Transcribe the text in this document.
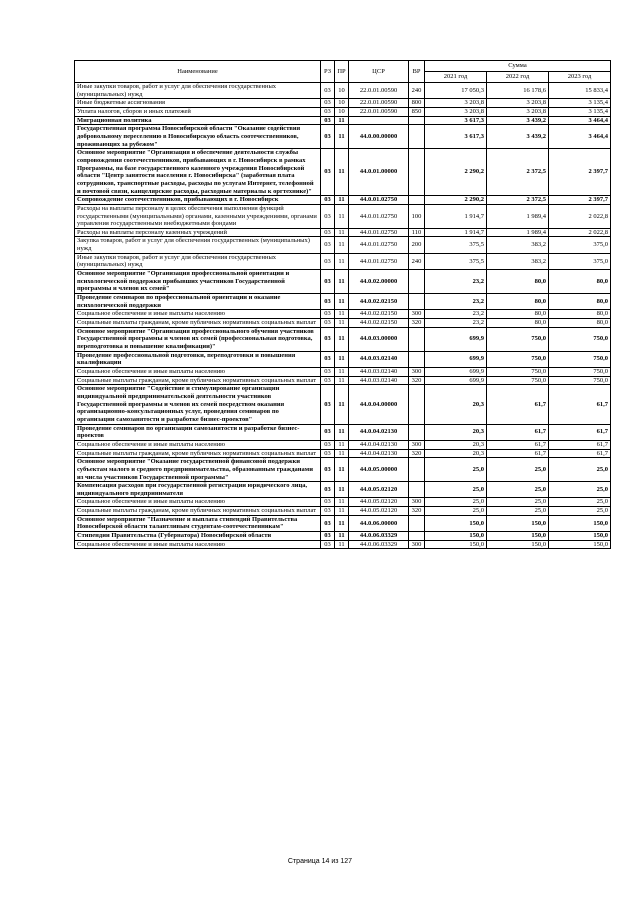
Наименование	РЗ	ПР	ЦСР	ВР	Сумма		
					2021 год	2022 год	2023 год
Иные закупки товаров, работ и услуг для обеспечения государственных (муниципальных) нужд	03	10	22.0.01.00590	240	17 050,3	16 178,6	15 833,4
Иные бюджетные ассигнования	03	10	22.0.01.00590	800	3 203,8	3 203,8	3 135,4
Уплата налогов, сборов и иных платежей	03	10	22.0.01.00590	850	3 203,8	3 203,8	3 135,4
Миграционная политика	03	11			3 617,3	3 439,2	3 464,4
Государственная программа Новосибирской области "Оказание содействия добровольному переселению в Новосибирскую область соотечественников, проживающих за рубежом"	03	11	44.0.00.00000		3 617,3	3 439,2	3 464,4
Основное мероприятие "Организация и обеспечение деятельности службы сопровождения соотечественников, прибывающих в г. Новосибирск в рамках Программы, на базе государственного казенного учреждения Новосибирской области "Центр занятости населения г. Новосибирска" (заработная плата сотрудников, транспортные расходы, расходы по услугам Интернет, телефонной и почтовой связи, канцелярские расходы, расходные материалы к оргтехнике)"	03	11	44.0.01.00000		2 290,2	2 372,5	2 397,7
Сопровождение соотечественников, прибывающих в г. Новосибирск	03	11	44.0.01.02750		2 290,2	2 372,5	2 397,7
Расходы на выплаты персоналу в целях обеспечения выполнения функций государственными (муниципальными) органами, казенными учреждениями, органами управления государственными внебюджетными фондами	03	11	44.0.01.02750	100	1 914,7	1 989,4	2 022,8
Расходы на выплаты персоналу казенных учреждений	03	11	44.0.01.02750	110	1 914,7	1 989,4	2 022,8
Закупка товаров, работ и услуг для обеспечения государственных (муниципальных) нужд	03	11	44.0.01.02750	200	375,5	383,2	375,0
Иные закупки товаров, работ и услуг для обеспечения государственных (муниципальных) нужд	03	11	44.0.01.02750	240	375,5	383,2	375,0
Основное мероприятие "Организация профессиональной ориентации и психологической поддержки прибывших участников Государственной программы и членов их семей"	03	11	44.0.02.00000		23,2	80,0	80,0
Проведение семинаров по профессиональной ориентации и оказание психологической поддержки	03	11	44.0.02.02150		23,2	80,0	80,0
Социальное обеспечение и иные выплаты населению	03	11	44.0.02.02150	300	23,2	80,0	80,0
Социальные выплаты гражданам, кроме публичных нормативных социальных выплат	03	11	44.0.02.02150	320	23,2	80,0	80,0
Основное мероприятие "Организация профессионального обучения участников Государственной программы и членов их семей (профессиональная подготовка, переподготовка и повышение квалификации)"	03	11	44.0.03.00000		699,9	750,0	750,0
Проведение профессиональной подготовки, переподготовки и повышения квалификации	03	11	44.0.03.02140		699,9	750,0	750,0
Социальное обеспечение и иные выплаты населению	03	11	44.0.03.02140	300	699,9	750,0	750,0
Социальные выплаты гражданам, кроме публичных нормативных социальных выплат	03	11	44.0.03.02140	320	699,9	750,0	750,0
Основное мероприятие "Содействие и стимулирование организации индивидуальной предпринимательской деятельности участников Государственной программы и членов их семей посредством оказания организационно-консультационных услуг, проведения семинаров по организации самозанятости и разработке бизнес-проектов"	03	11	44.0.04.00000		20,3	61,7	61,7
Проведение семинаров по организации самозанятости и разработке бизнес-проектов	03	11	44.0.04.02130		20,3	61,7	61,7
Социальное обеспечение и иные выплаты населению	03	11	44.0.04.02130	300	20,3	61,7	61,7
Социальные выплаты гражданам, кроме публичных нормативных социальных выплат	03	11	44.0.04.02130	320	20,3	61,7	61,7
Основное мероприятие "Оказание государственной финансовой поддержки субъектам малого и среднего предпринимательства, образованным гражданами из числа участников Государственной программы"	03	11	44.0.05.00000		25,0	25,0	25,0
Компенсация расходов при государственной регистрации юридического лица, индивидуального предпринимателя	03	11	44.0.05.02120		25,0	25,0	25,0
Социальное обеспечение и иные выплаты населению	03	11	44.0.05.02120	300	25,0	25,0	25,0
Социальные выплаты гражданам, кроме публичных нормативных социальных выплат	03	11	44.0.05.02120	320	25,0	25,0	25,0
Основное мероприятие "Назначение и выплата стипендий Правительства Новосибирской области талантливым студентам-соотечественникам"	03	11	44.0.06.00000		150,0	150,0	150,0
Стипендии Правительства (Губернатора) Новосибирской области	03	11	44.0.06.03329		150,0	150,0	150,0
Социальное обеспечение и иные выплаты населению	03	11	44.0.06.03329	300	150,0	150,0	150,0
Страница 14 из 127
